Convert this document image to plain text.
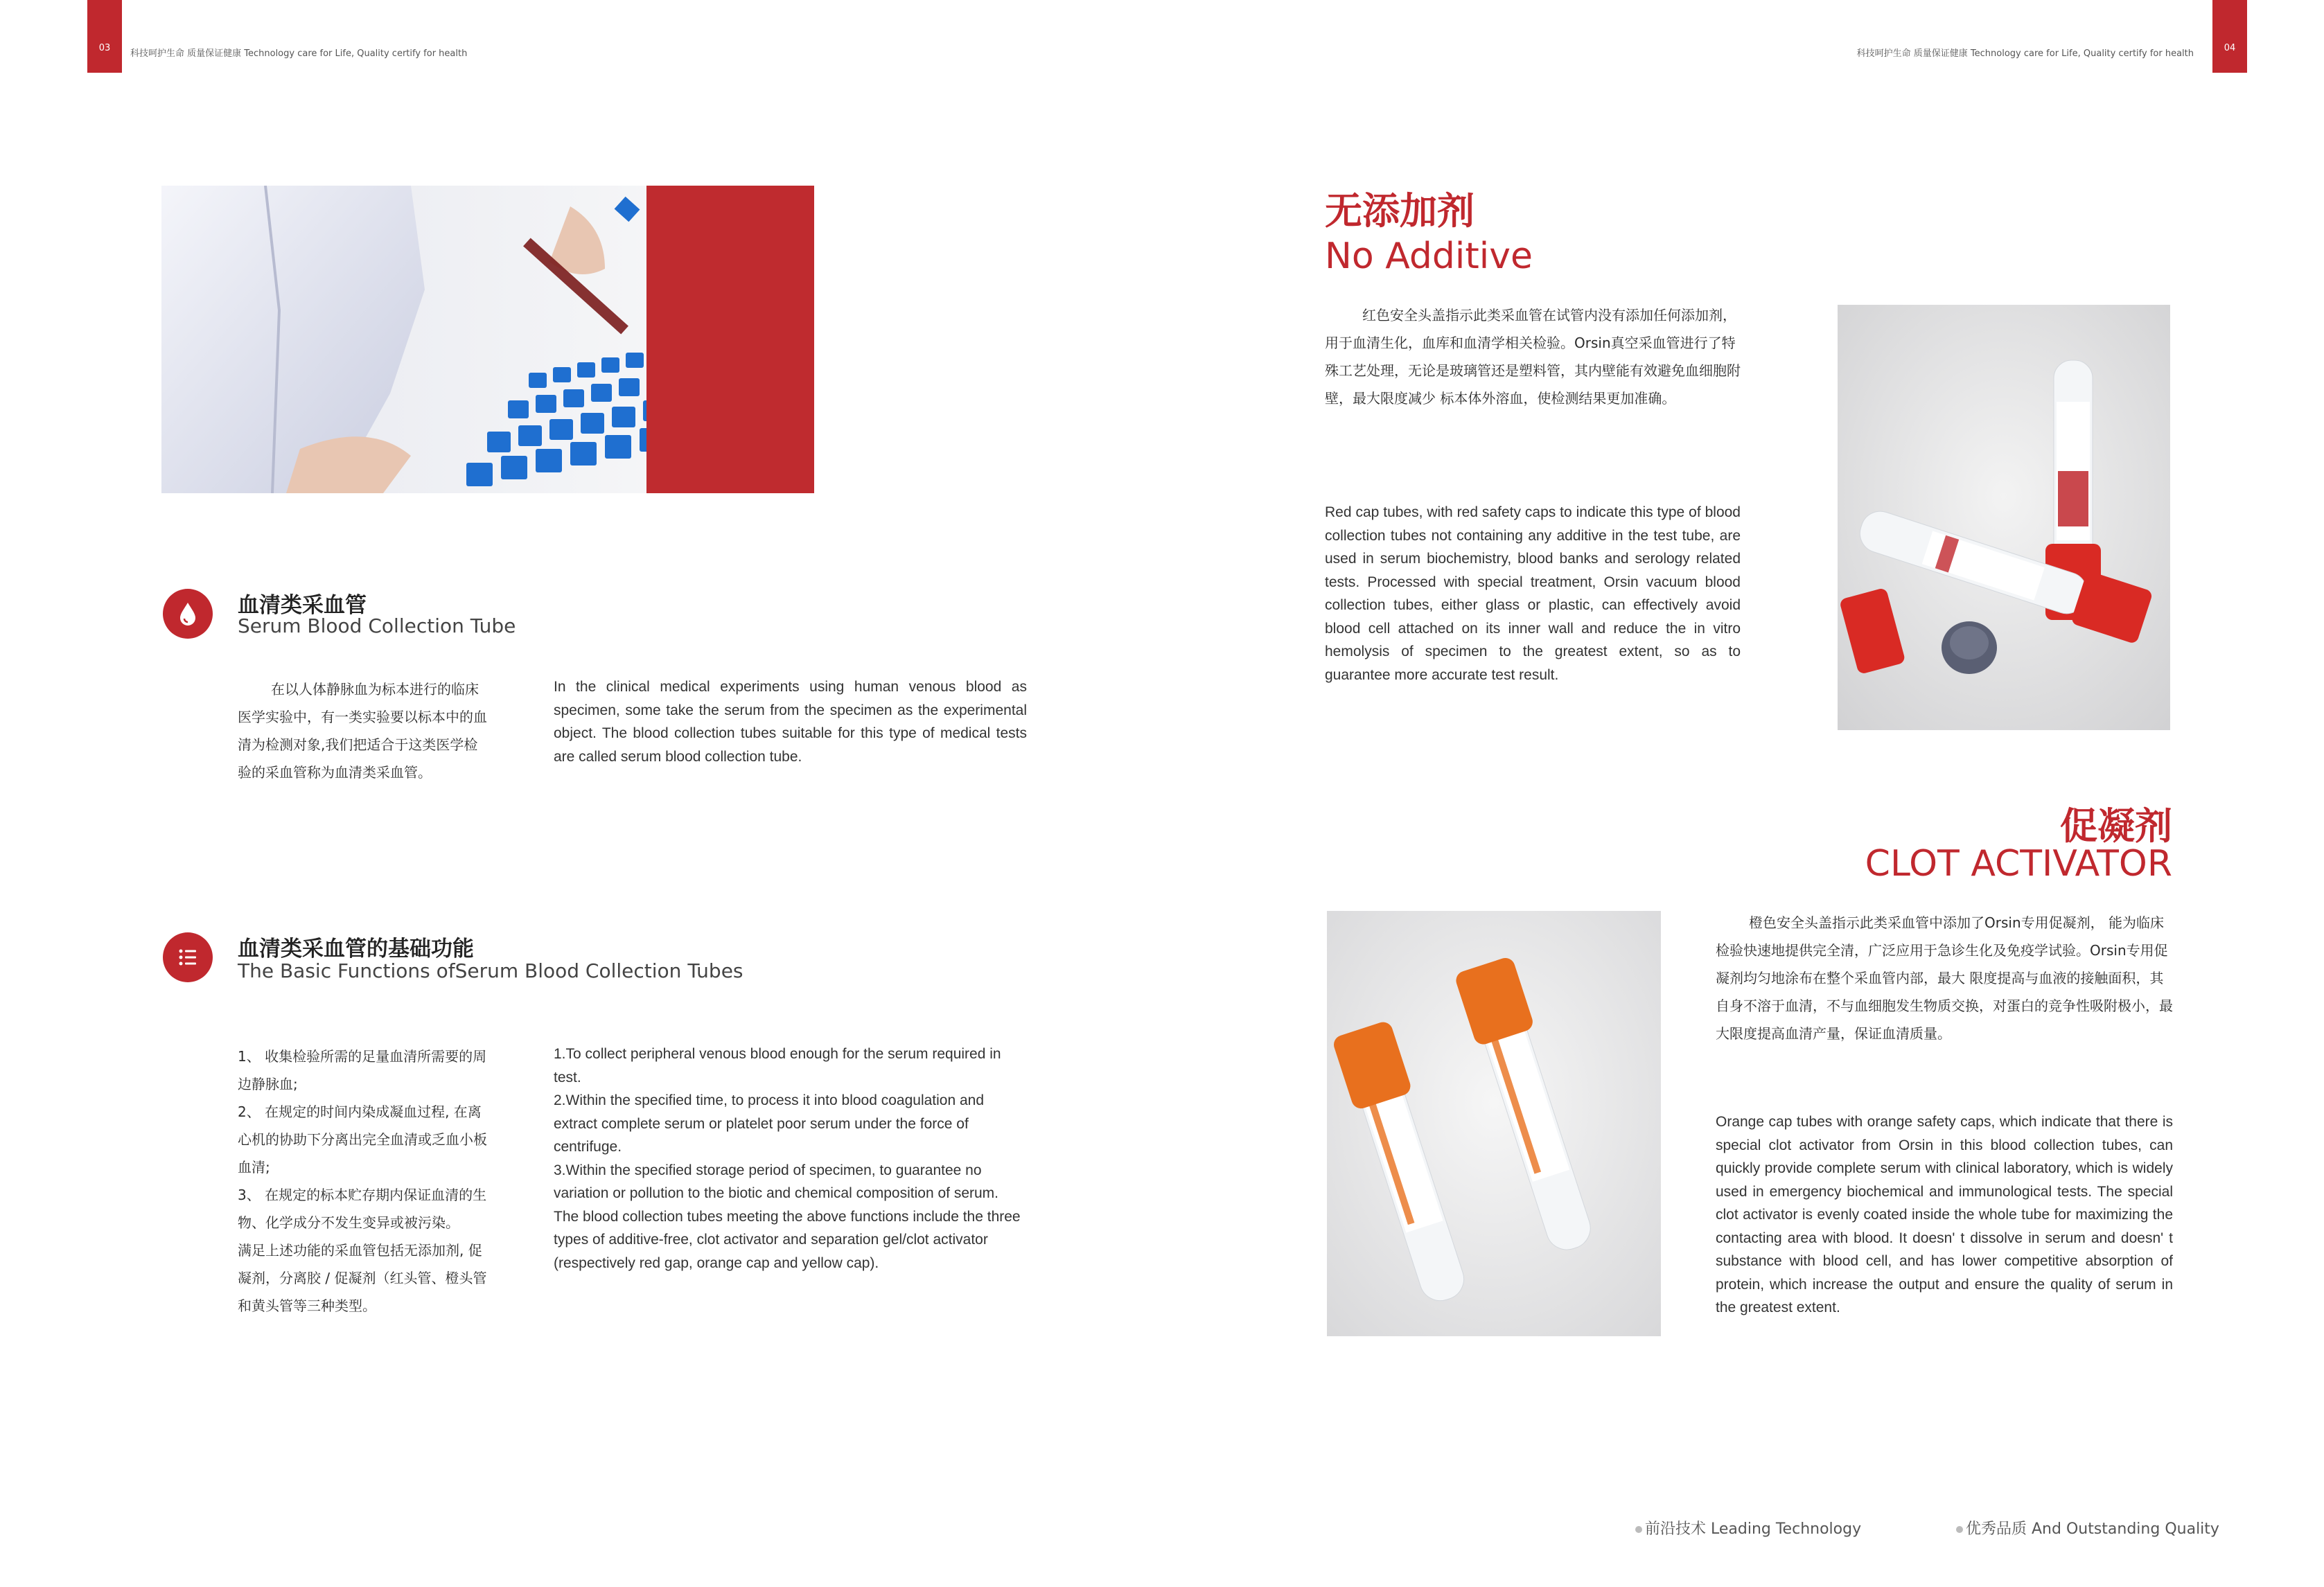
03
科技呵护生命 质量保证健康 Technology care for Life, Quality certify for health
04
科技呵护生命 质量保证健康 Technology care for Life, Quality certify for health
血清类采血管
Serum Blood Collection Tube
在以人体静脉血为标本进行的临床医学实验中，有一类实验要以标本中的血清为检测对象,我们把适合于这类医学检验的采血管称为血清类采血管。
In the clinical medical experiments using human venous blood as specimen, some take the serum from the specimen as the experimental object. The blood collection tubes suitable for this type of medical tests are called serum blood collection tube.
血清类采血管的基础功能
The Basic Functions ofSerum Blood Collection Tubes
1、 收集检验所需的足量血清所需要的周边静脉血;
2、 在规定的时间内染成凝血过程, 在离心机的协助下分离出完全血清或乏血小板血清;
3、 在规定的标本贮存期内保证血清的生物、化学成分不发生变异或被污染。
满足上述功能的采血管包括无添加剂, 促凝剂，分离胶 / 促凝剂（红头管、橙头管和黄头管等三种类型。
1.To collect peripheral venous blood enough for the serum required in test.
2.Within the specified time, to process it into blood coagulation and extract complete serum or platelet poor serum under the force of centrifuge.
3.Within the specified storage period of specimen, to guarantee no variation or pollution to the biotic and chemical composition of serum.
The blood collection tubes meeting the above functions include the three types of additive-free, clot activator and separation gel/clot activator (respectively red gap, orange cap and yellow cap).
无添加剂
No Additive
红色安全头盖指示此类采血管在试管内没有添加任何添加剂，用于血清生化，血库和血清学相关检验。Orsin真空采血管进行了特殊工艺处理，无论是玻璃管还是塑料管，其内壁能有效避免血细胞附壁，最大限度减少 标本体外溶血，使检测结果更加准确。
Red cap tubes, with red safety caps to indicate this type of blood collection tubes not containing any additive in the test tube, are used in serum biochemistry, blood banks and serology related tests. Processed with special treatment, Orsin vacuum blood collection tubes, either glass or plastic, can effectively avoid blood cell attached on its inner wall and reduce the in vitro hemolysis of specimen to the greatest extent, so as to guarantee more accurate test result.
促凝剂
CLOT ACTIVATOR
橙色安全头盖指示此类采血管中添加了Orsin专用促凝剂， 能为临床检验快速地提供完全清，广泛应用于急诊生化及免疫学试验。Orsin专用促凝剂均匀地涂布在整个采血管内部，最大 限度提高与血液的接触面积，其自身不溶于血清，不与血细胞发生物质交换，对蛋白的竞争性吸附极小，最大限度提高血清产量，保证血清质量。
Orange cap tubes with orange safety caps, which indicate that there is special clot activator from Orsin in this blood collection tubes, can quickly provide complete serum with clinical laboratory, which is widely used in emergency biochemical and immunological tests. The special clot activator is evenly coated inside the whole tube for maximizing the contacting area with blood. It doesn' t dissolve in serum and doesn' t substance with blood cell, and has lower competitive absorption of protein, which increase the output and ensure the quality of serum in the greatest extent.
前沿技术 Leading Technology	优秀品质 And Outstanding Quality
